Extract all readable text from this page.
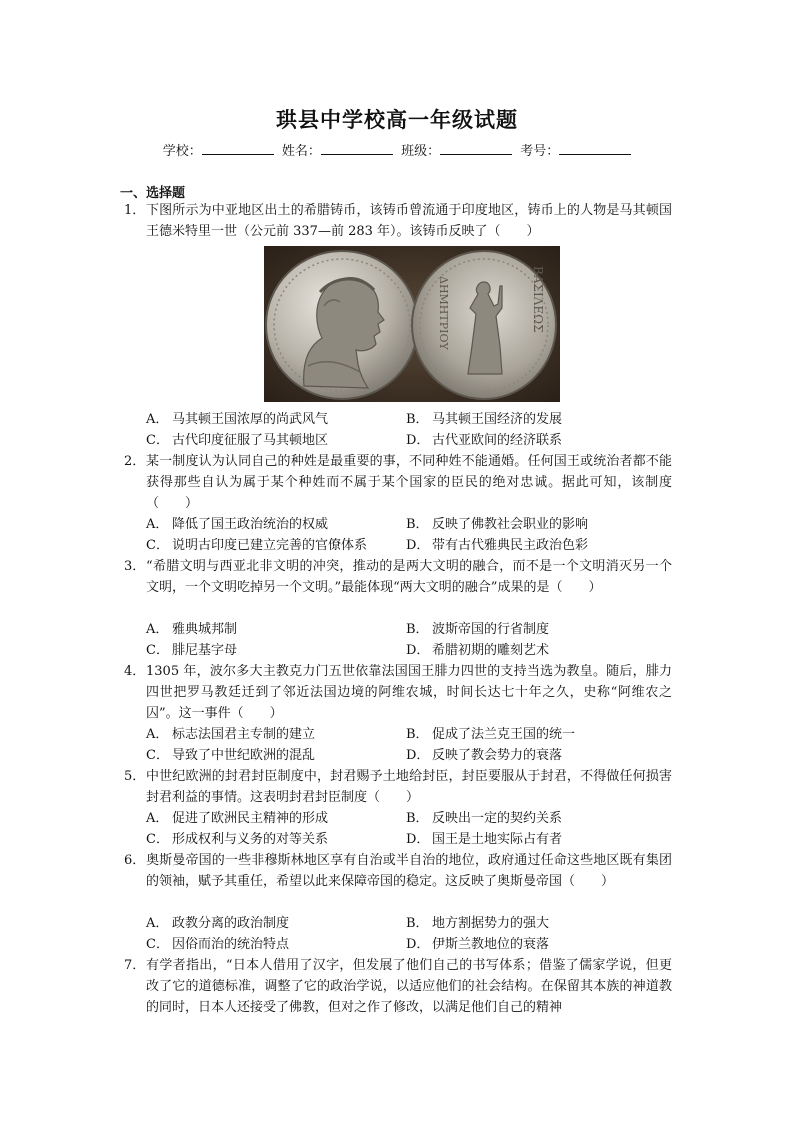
珙县中学校高一年级试题
学校：	姓名：	班级：	考号：
一、选择题
1． 下图所示为中亚地区出土的希腊铸币，该铸币曾流通于印度地区，铸币上的人物是马其顿国王德米特里一世（公元前 337—前 283 年）。该铸币反映了（　　）
ΒΑΣΙΛΕΩΣ
ΔΗΜΗΤΡΙΟΥ
A． 马其顿王国浓厚的尚武风气	B． 马其顿王国经济的发展
C． 古代印度征服了马其顿地区	D． 古代亚欧间的经济联系
2． 某一制度认为认同自己的种姓是最重要的事，不同种姓不能通婚。任何国王或统治者都不能获得那些自认为属于某个种姓而不属于某个国家的臣民的绝对忠诚。据此可知，该制度（　　）
A． 降低了国王政治统治的权威	B． 反映了佛教社会职业的影响
C． 说明古印度已建立完善的官僚体系	D． 带有古代雅典民主政治色彩
3． “希腊文明与西亚北非文明的冲突，推动的是两大文明的融合，而不是一个文明消灭另一个文明，一个文明吃掉另一个文明。”最能体现“两大文明的融合”成果的是（　　）
A． 雅典城邦制	B． 波斯帝国的行省制度
C． 腓尼基字母	D． 希腊初期的雕刻艺术
4． 1305 年，波尔多大主教克力门五世依靠法国国王腓力四世的支持当选为教皇。随后，腓力四世把罗马教廷迁到了邻近法国边境的阿维农城，时间长达七十年之久，史称“阿维农之囚”。这一事件（　　）
A． 标志法国君主专制的建立	B． 促成了法兰克王国的统一
C． 导致了中世纪欧洲的混乱	D． 反映了教会势力的衰落
5． 中世纪欧洲的封君封臣制度中，封君赐予土地给封臣，封臣要服从于封君，不得做任何损害封君利益的事情。这表明封君封臣制度（　　）
A． 促进了欧洲民主精神的形成	B． 反映出一定的契约关系
C． 形成权利与义务的对等关系	D． 国王是土地实际占有者
6． 奥斯曼帝国的一些非穆斯林地区享有自治或半自治的地位，政府通过任命这些地区既有集团的领袖，赋予其重任，希望以此来保障帝国的稳定。这反映了奥斯曼帝国（　　）
A． 政教分离的政治制度	B． 地方割据势力的强大
C． 因俗而治的统治特点	D． 伊斯兰教地位的衰落
7． 有学者指出，“日本人借用了汉字，但发展了他们自己的书写体系；借鉴了儒家学说，但更改了它的道德标准，调整了它的政治学说，以适应他们的社会结构。在保留其本族的神道教的同时，日本人还接受了佛教，但对之作了修改，以满足他们自己的精神
